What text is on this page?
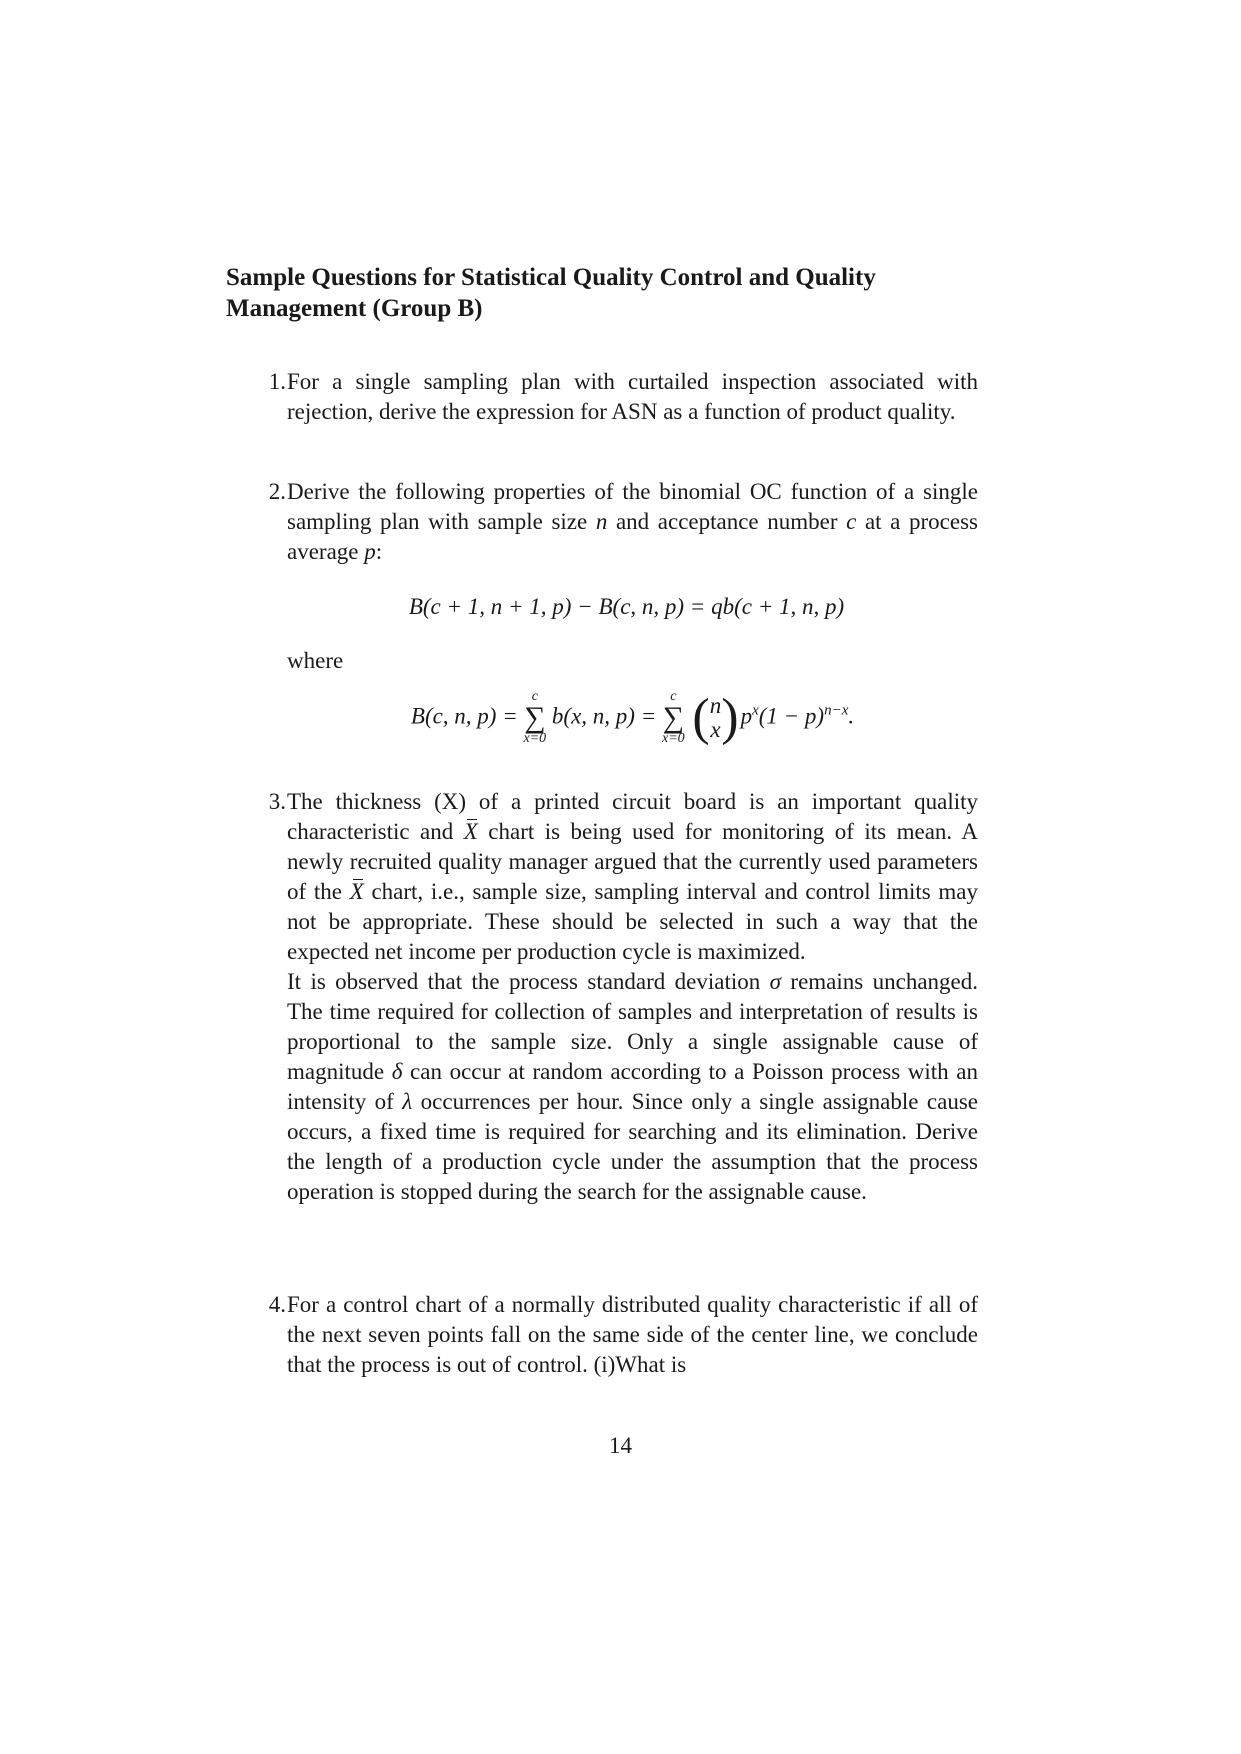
Sample Questions for Statistical Quality Control and Quality Management (Group B)
1. For a single sampling plan with curtailed inspection associated with rejection, derive the expression for ASN as a function of product quality.

2. Derive the following properties of the binomial OC function of a single sampling plan with sample size n and acceptance number c at a process average p:

B(c + 1, n + 1, p) − B(c, n, p) = qb(c + 1, n, p)
where
B(c, n, p) =
c
∑
x=0
b(x, n, p) =
c
∑
x=0 (n
$x)p^x(1 - p)^{n-x}$.
3. The thickness (X) of a printed circuit board is an important quality characteristic and X chart is being used for monitoring of its mean. A newly recruited quality manager argued that the currently used parameters of the X chart, i.e., sample size, sampling interval and control limits may not be appropriate. These should be selected in such a way that the expected net income per production cycle is maximized.

It is observed that the process standard deviation σ remains unchanged. The time required for collection of samples and interpretation of results is proportional to the sample size. Only a single assignable cause of magnitude δ can occur at random according to a Poisson process with an intensity of λ occurrences per hour. Since only a single assignable cause occurs, a fixed time is required for searching and its elimination. Derive the length of a production cycle under the assumption that the process operation is stopped during the search for the assignable cause.

4. For a control chart of a normally distributed quality characteristic if all of the next seven points fall on the same side of the center line, we conclude that the process is out of control. (i)What is

14
